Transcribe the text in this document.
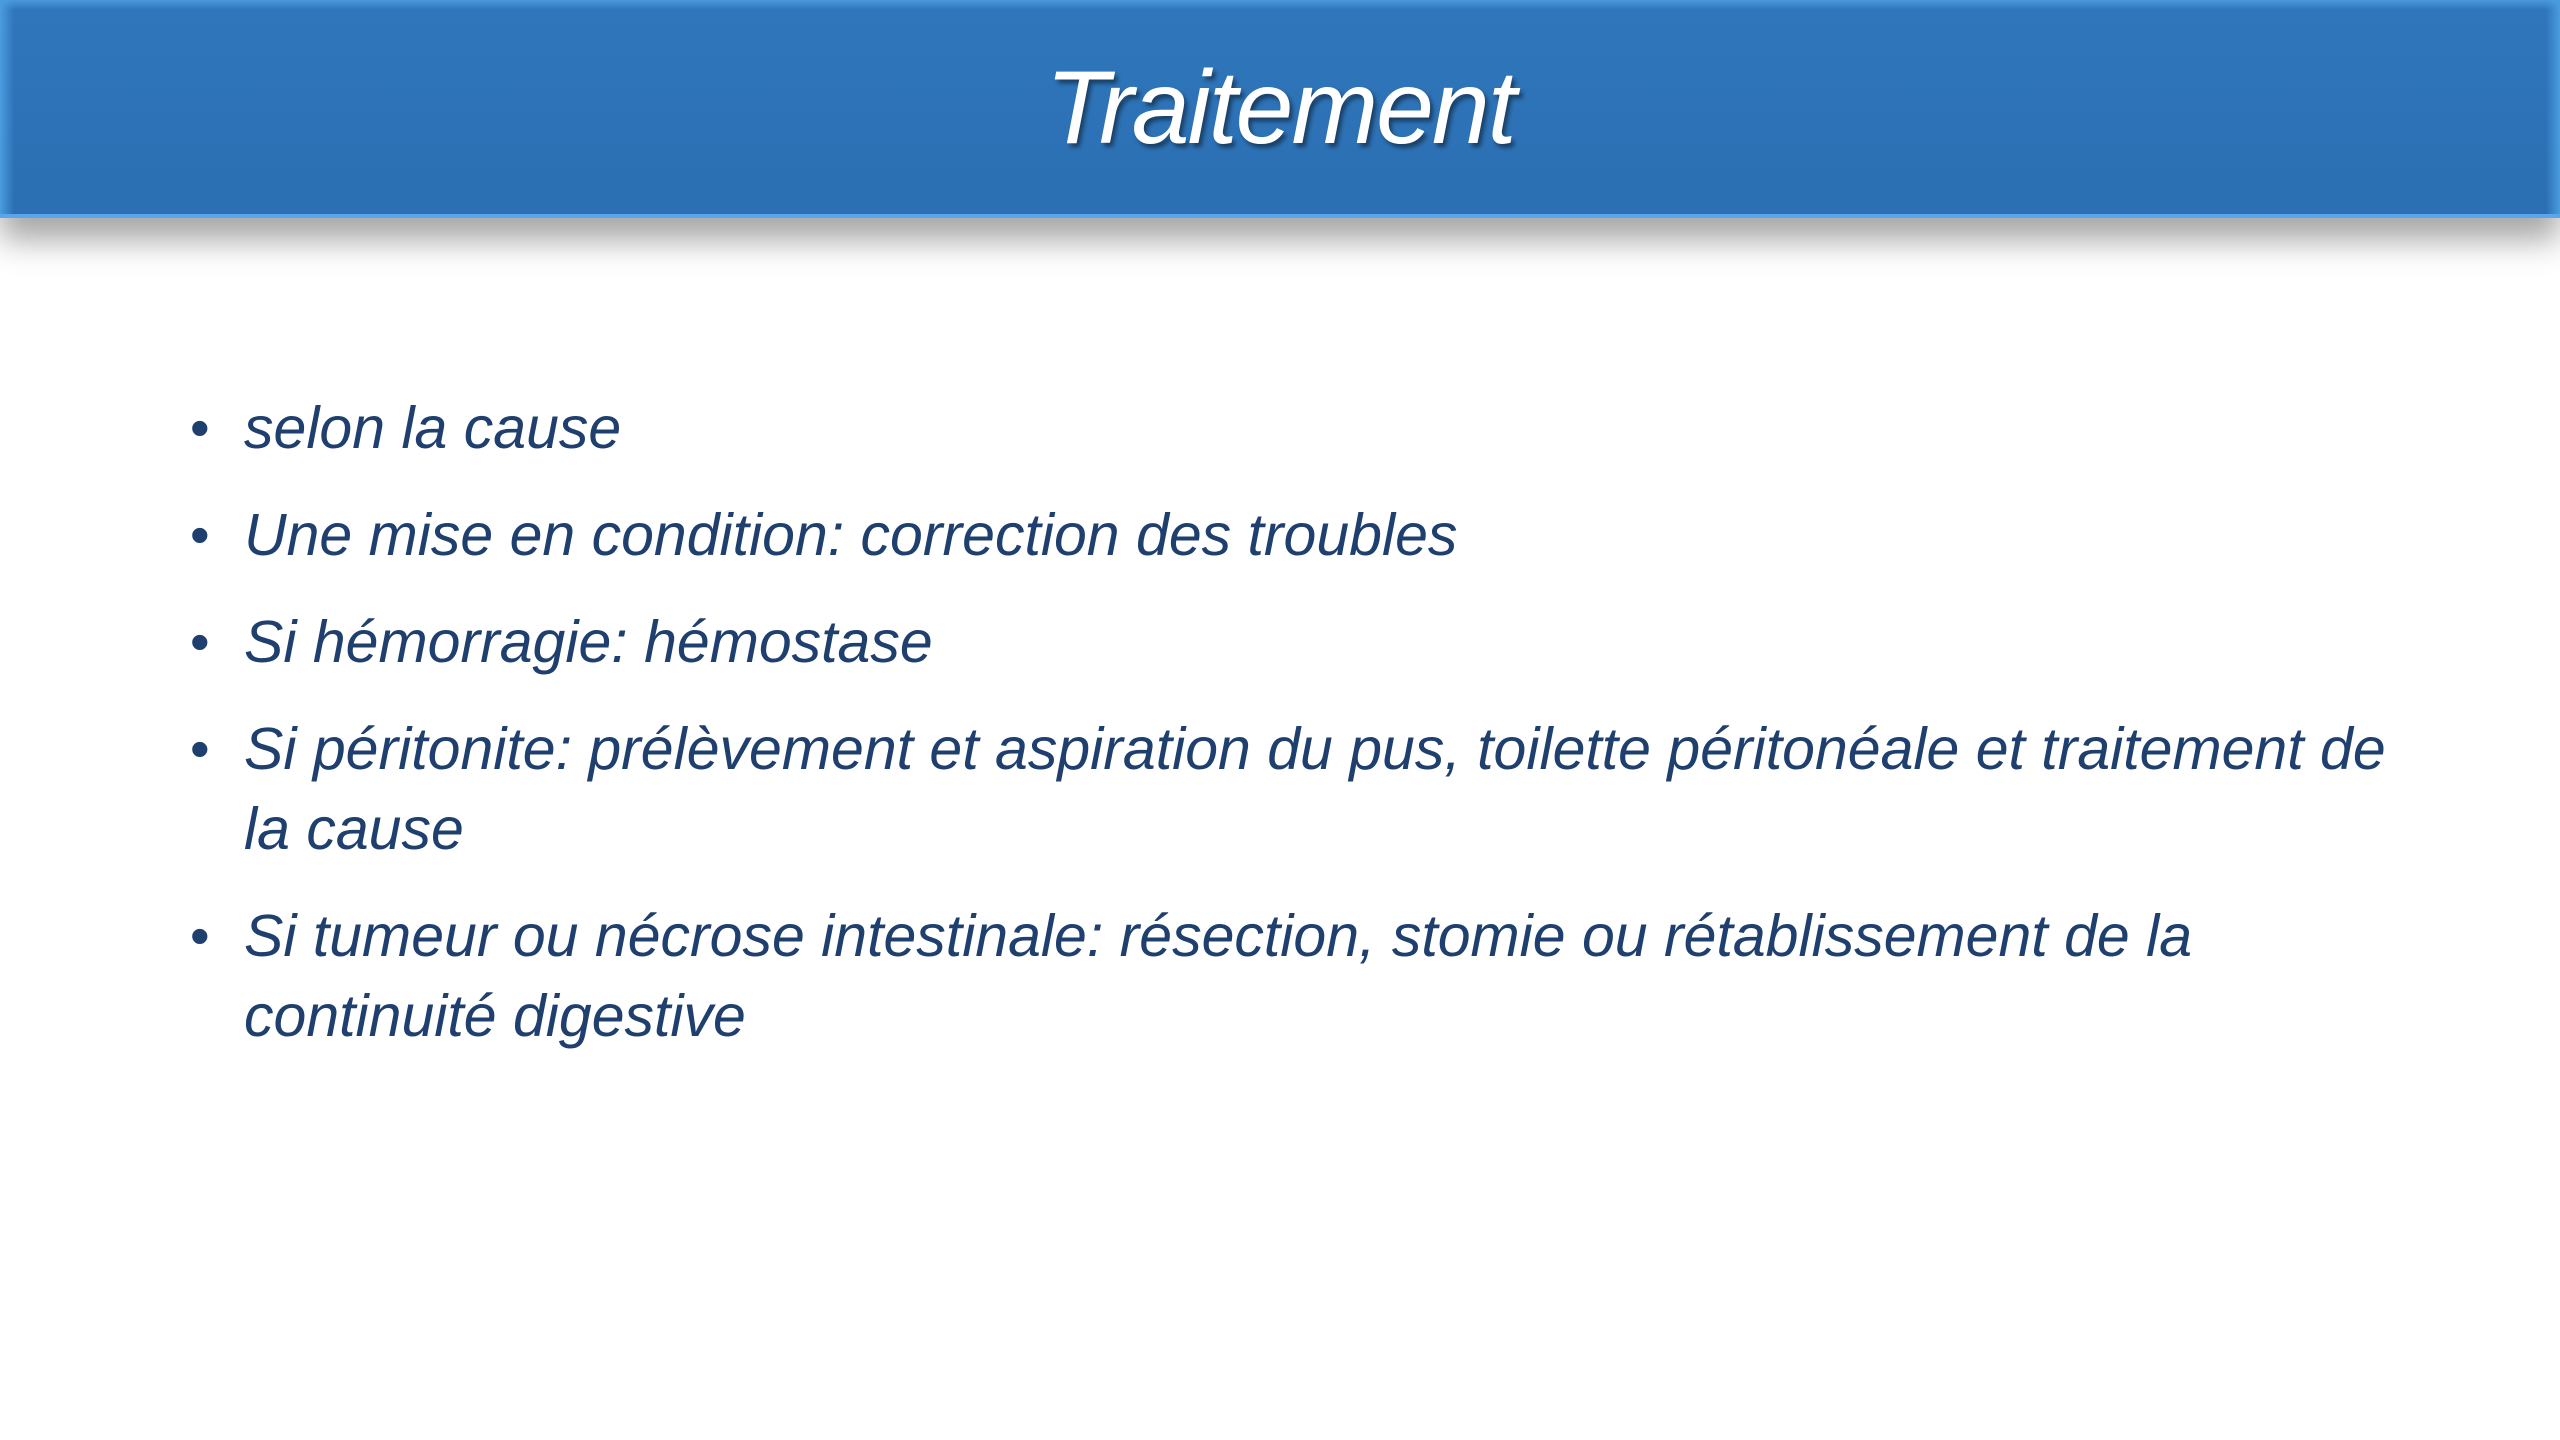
Traitement
• selon la cause
• Une mise en condition: correction des troubles
• Si hémorragie: hémostase
• Si péritonite: prélèvement et aspiration du pus, toilette péritonéale et traitement de la cause
• Si tumeur ou nécrose intestinale: résection, stomie ou rétablissement de la continuité digestive
